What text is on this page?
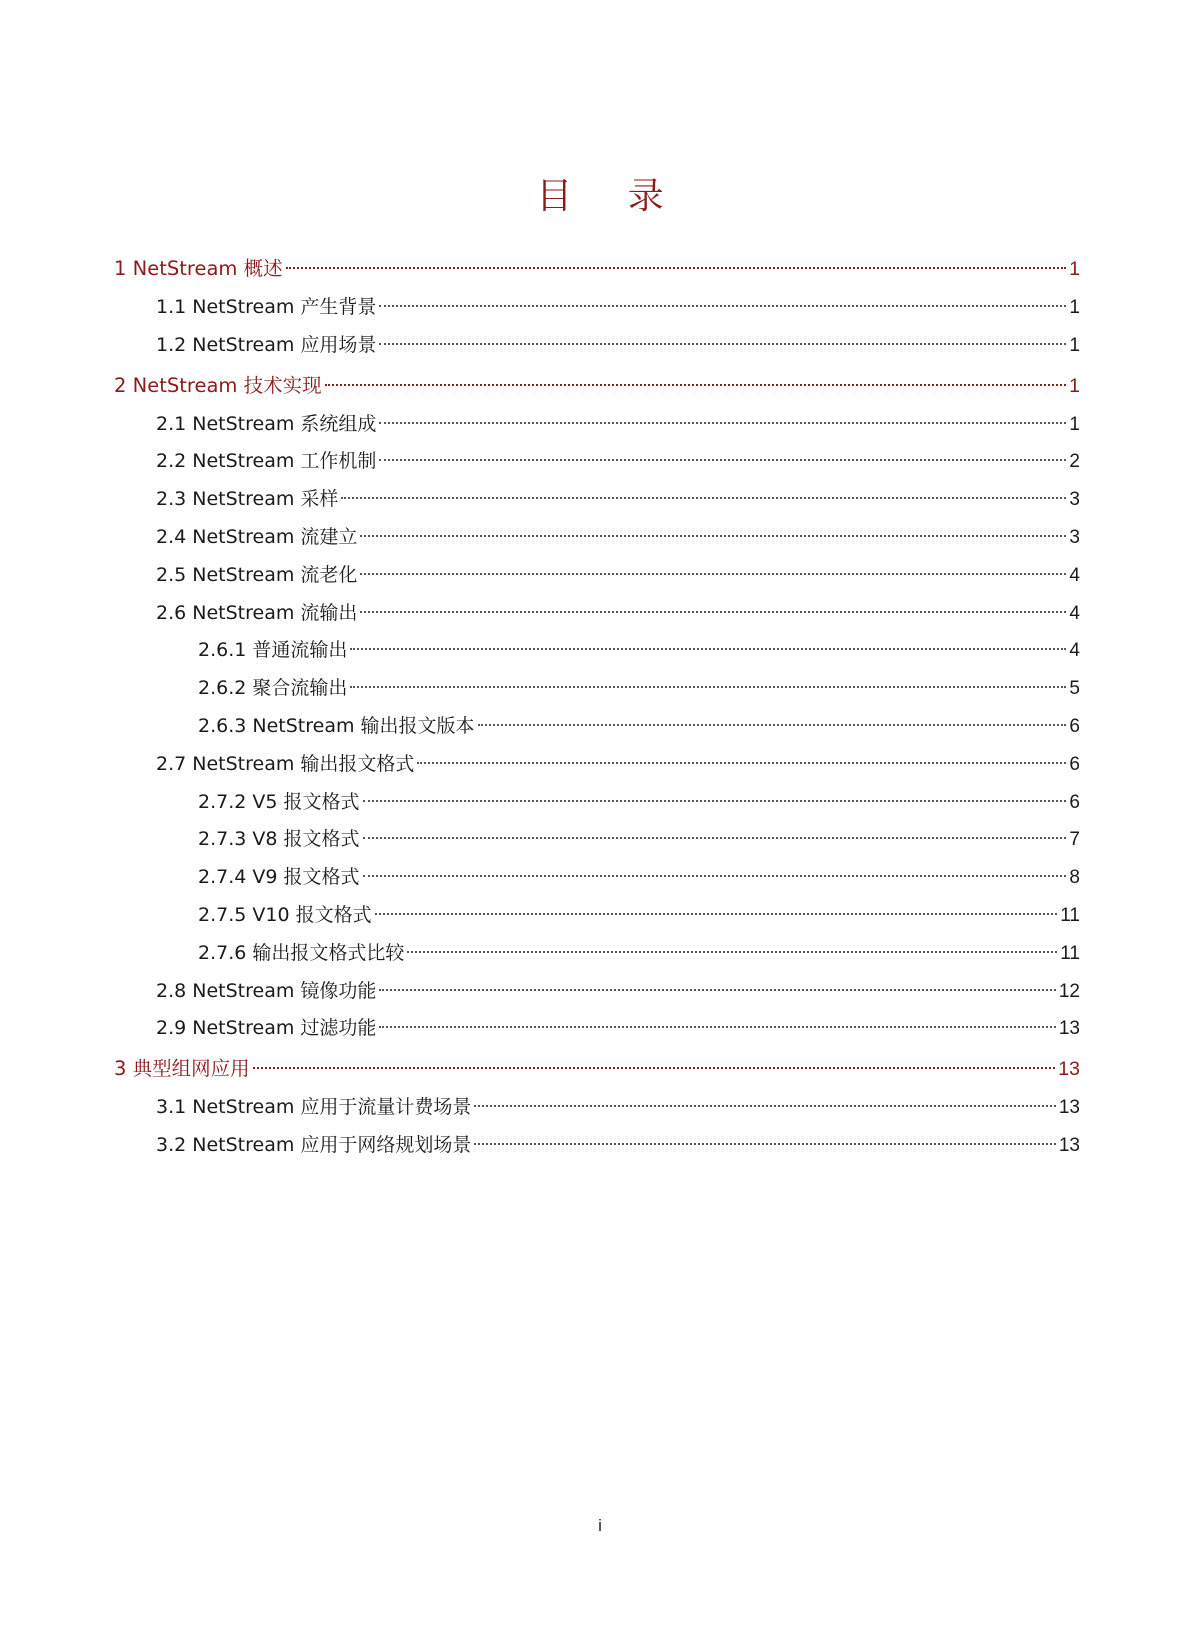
目 录
1 NetStream 概述	1
1.1 NetStream 产生背景	1
1.2 NetStream 应用场景	1
2 NetStream 技术实现	1
2.1 NetStream 系统组成	1
2.2 NetStream 工作机制	2
2.3 NetStream 采样	3
2.4 NetStream 流建立	3
2.5 NetStream 流老化	4
2.6 NetStream 流输出	4
2.6.1 普通流输出	4
2.6.2 聚合流输出	5
2.6.3 NetStream 输出报文版本	6
2.7 NetStream 输出报文格式	6
2.7.2 V5 报文格式	6
2.7.3 V8 报文格式	7
2.7.4 V9 报文格式	8
2.7.5 V10 报文格式	11
2.7.6 输出报文格式比较	11
2.8 NetStream 镜像功能	12
2.9 NetStream 过滤功能	13
3 典型组网应用	13
3.1 NetStream 应用于流量计费场景	13
3.2 NetStream 应用于网络规划场景	13
i
